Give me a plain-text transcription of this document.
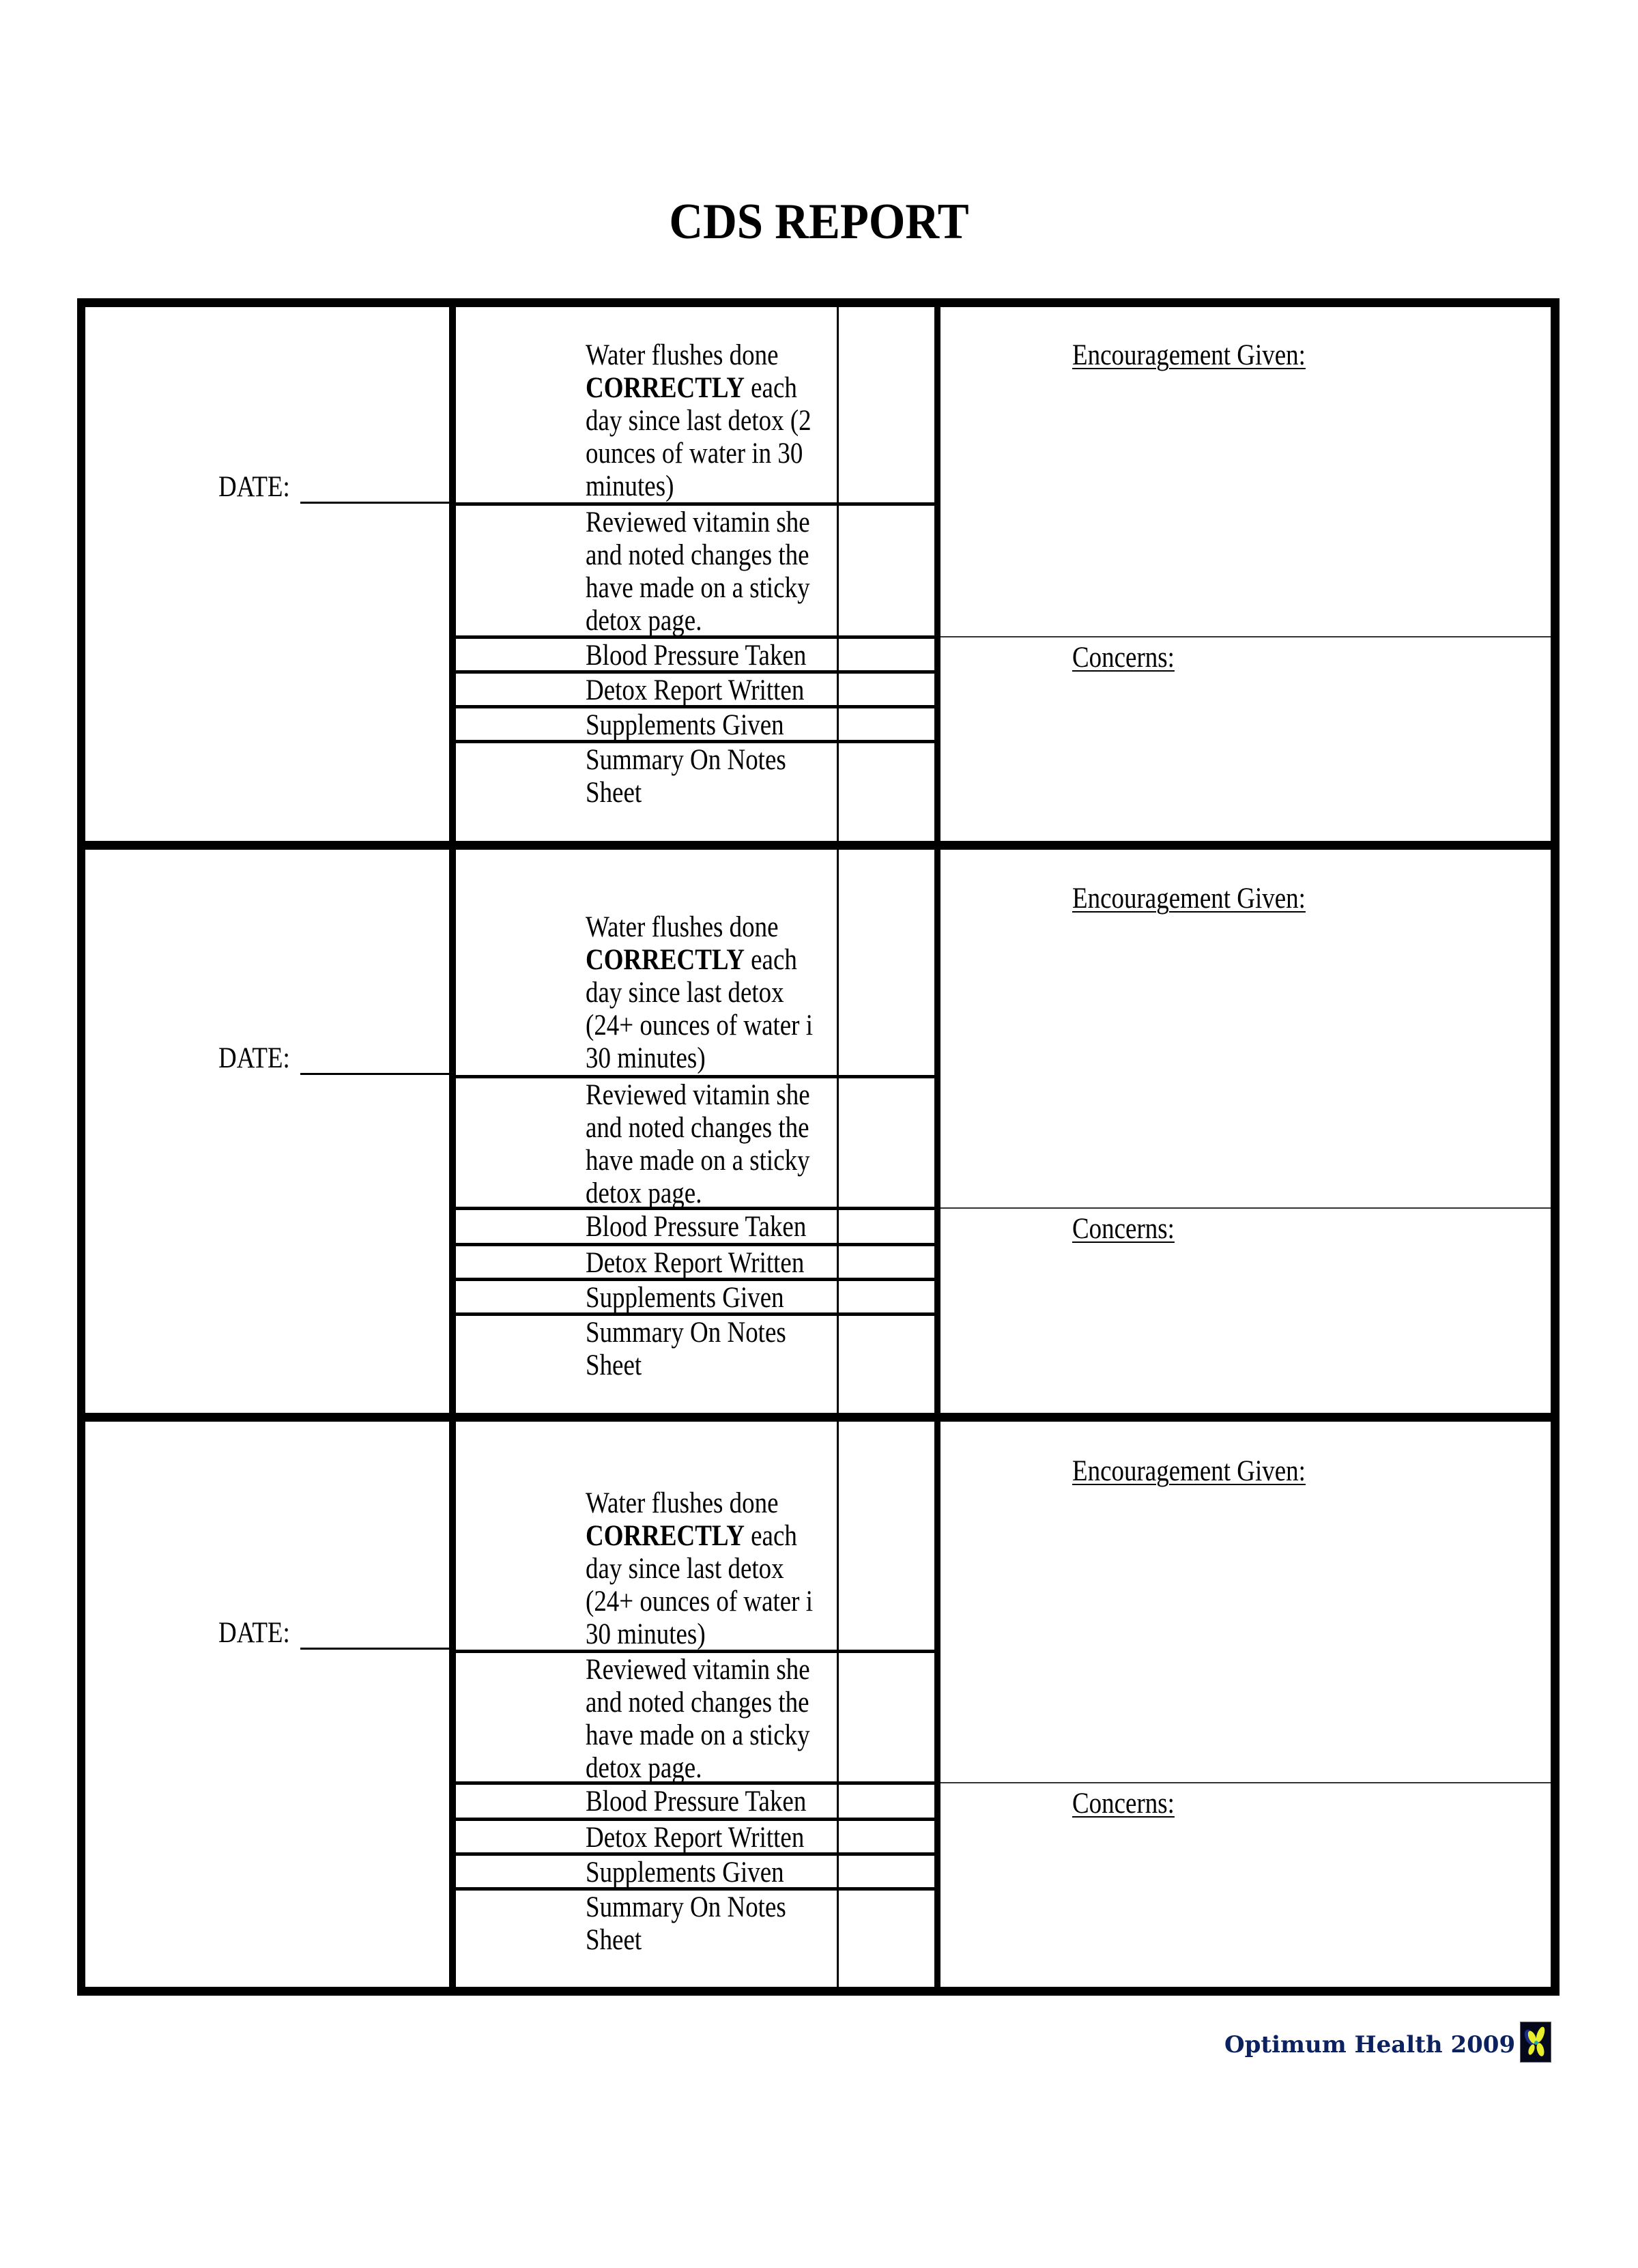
CDS REPORT
DATE:
Water flushes done
CORRECTLY each
day since last detox (2
ounces of water in 30
minutes)
Reviewed vitamin she
and noted changes the
have made on a sticky
detox page.
Blood Pressure Taken
Detox Report Written
Supplements Given
Summary On Notes
Sheet
Encouragement Given:
Concerns:
DATE:
Water flushes done
CORRECTLY each
day since last detox
(24+ ounces of water i
30 minutes)
Reviewed vitamin she
and noted changes the
have made on a sticky
detox page.
Blood Pressure Taken
Detox Report Written
Supplements Given
Summary On Notes
Sheet
Encouragement Given:
Concerns:
DATE:
Water flushes done
CORRECTLY each
day since last detox
(24+ ounces of water i
30 minutes)
Reviewed vitamin she
and noted changes the
have made on a sticky
detox page.
Blood Pressure Taken
Detox Report Written
Supplements Given
Summary On Notes
Sheet
Encouragement Given:
Concerns:
Optimum Health 2009
